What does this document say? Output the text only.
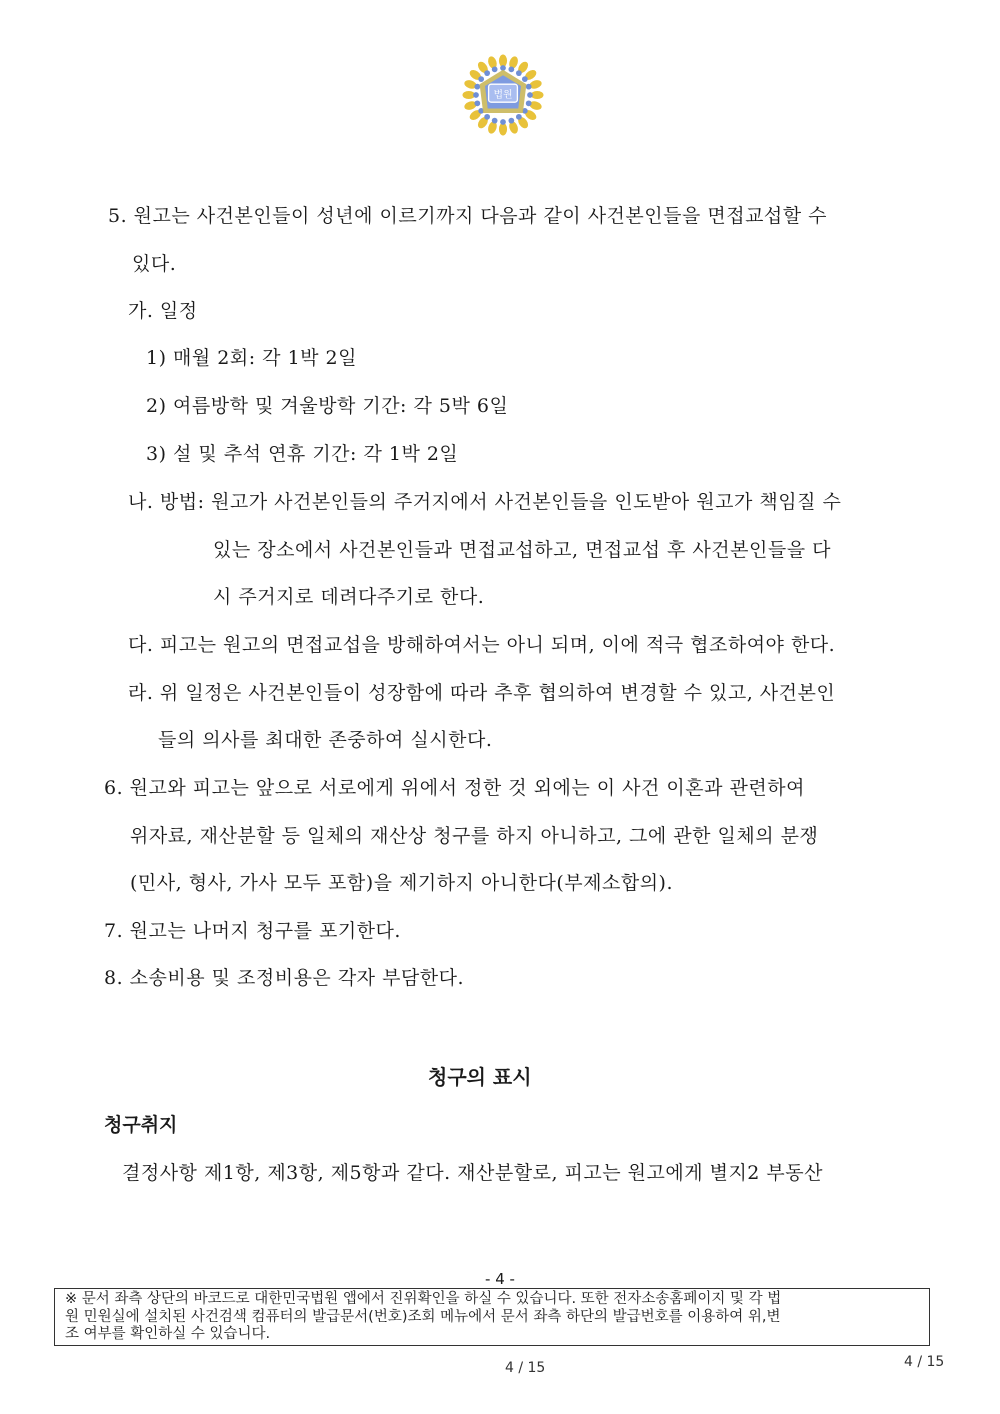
법원
5. 원고는 사건본인들이 성년에 이르기까지 다음과 같이 사건본인들을 면접교섭할 수
있다.
가. 일정
1) 매월 2회: 각 1박 2일
2) 여름방학 및 겨울방학 기간: 각 5박 6일
3) 설 및 추석 연휴 기간: 각 1박 2일
나. 방법: 원고가 사건본인들의 주거지에서 사건본인들을 인도받아 원고가 책임질 수
있는 장소에서 사건본인들과 면접교섭하고, 면접교섭 후 사건본인들을 다
시 주거지로 데려다주기로 한다.
다. 피고는 원고의 면접교섭을 방해하여서는 아니 되며, 이에 적극 협조하여야 한다.
라. 위 일정은 사건본인들이 성장함에 따라 추후 협의하여 변경할 수 있고, 사건본인
들의 의사를 최대한 존중하여 실시한다.
6. 원고와 피고는 앞으로 서로에게 위에서 정한 것 외에는 이 사건 이혼과 관련하여
위자료, 재산분할 등 일체의 재산상 청구를 하지 아니하고, 그에 관한 일체의 분쟁
(민사, 형사, 가사 모두 포함)을 제기하지 아니한다(부제소합의).
7. 원고는 나머지 청구를 포기한다.
8. 소송비용 및 조정비용은 각자 부담한다.
청구의 표시
청구취지
결정사항 제1항, 제3항, 제5항과 같다. 재산분할로, 피고는 원고에게 별지2 부동산
- 4 -
※ 문서 좌측 상단의 바코드로 대한민국법원 앱에서 진위확인을 하실 수 있습니다. 또한 전자소송홈페이지 및 각 법
원 민원실에 설치된 사건검색 컴퓨터의 발급문서(번호)조회 메뉴에서 문서 좌측 하단의 발급번호를 이용하여 위,변
조 여부를 확인하실 수 있습니다.
4 / 15	4 / 15
